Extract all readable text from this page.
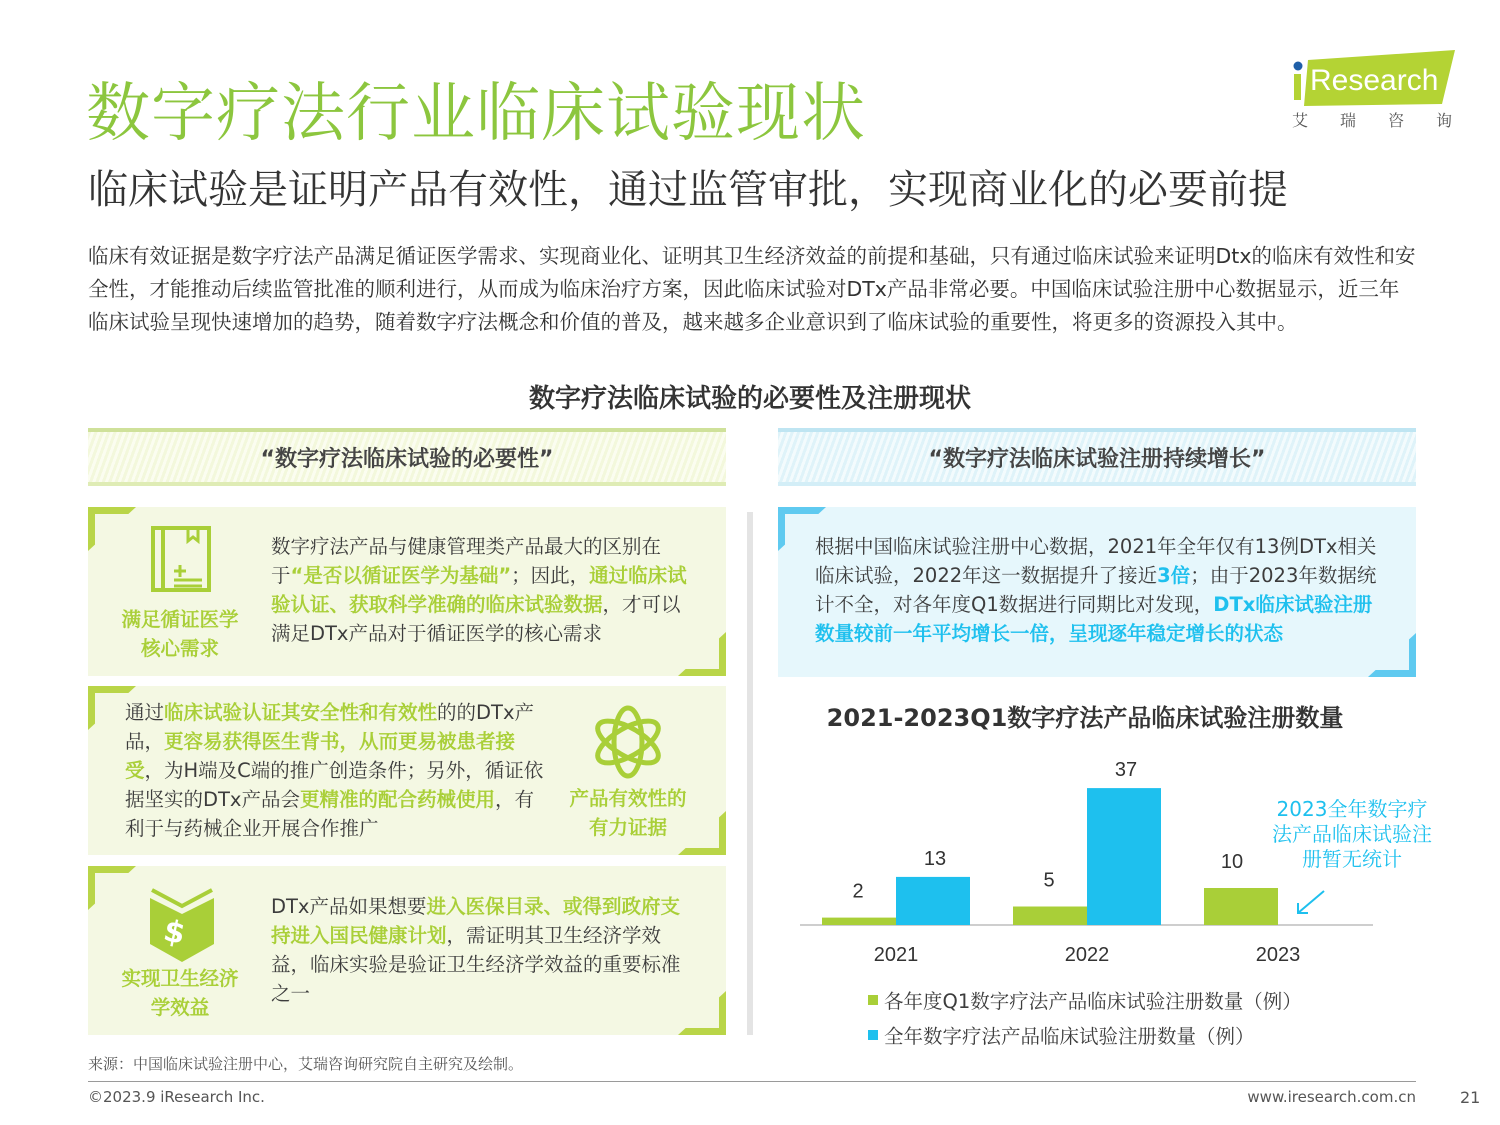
数字疗法行业临床试验现状
临床试验是证明产品有效性，通过监管审批，实现商业化的必要前提
Research
艾 瑞 咨 询
临床有效证据是数字疗法产品满足循证医学需求、实现商业化、证明其卫生经济效益的前提和基础，只有通过临床试验来证明Dtx的临床有效性和安全性，才能推动后续监管批准的顺利进行，从而成为临床治疗方案，因此临床试验对DTx产品非常必要。中国临床试验注册中心数据显示，近三年临床试验呈现快速增加的趋势，随着数字疗法概念和价值的普及，越来越多企业意识到了临床试验的重要性，将更多的资源投入其中。
数字疗法临床试验的必要性及注册现状
“数字疗法临床试验的必要性”	“数字疗法临床试验注册持续增长”
满足循证医学
核心需求
数字疗法产品与健康管理类产品最大的区别在于“是否以循证医学为基础”；因此，通过临床试验认证、获取科学准确的临床试验数据，才可以满足DTx产品对于循证医学的核心需求
通过临床试验认证其安全性和有效性的的DTx产品，更容易获得医生背书，从而更易被患者接受，为H端及C端的推广创造条件；另外，循证依据坚实的DTx产品会更精准的配合药械使用，有利于与药械企业开展合作推广
产品有效性的
有力证据
$
实现卫生经济
学效益
DTx产品如果想要进入医保目录、或得到政府支持进入国民健康计划，需证明其卫生经济学效益，临床实验是验证卫生经济学效益的重要标准之一
根据中国临床试验注册中心数据，2021年全年仅有13例DTx相关临床试验，2022年这一数据提升了接近3倍；由于2023年数据统计不全，对各年度Q1数据进行同期比对发现，DTx临床试验注册数量较前一年平均增长一倍，呈现逐年稳定增长的状态
2021-2023Q1数字疗法产品临床试验注册数量
2
13
2021
5
37
2022
10
2023
2023全年数字疗法产品临床试验注册暂无统计
各年度Q1数字疗法产品临床试验注册数量（例）
全年数字疗法产品临床试验注册数量（例）
来源：中国临床试验注册中心，艾瑞咨询研究院自主研究及绘制。
©2023.9 iResearch Inc.	www.iresearch.com.cn	21
